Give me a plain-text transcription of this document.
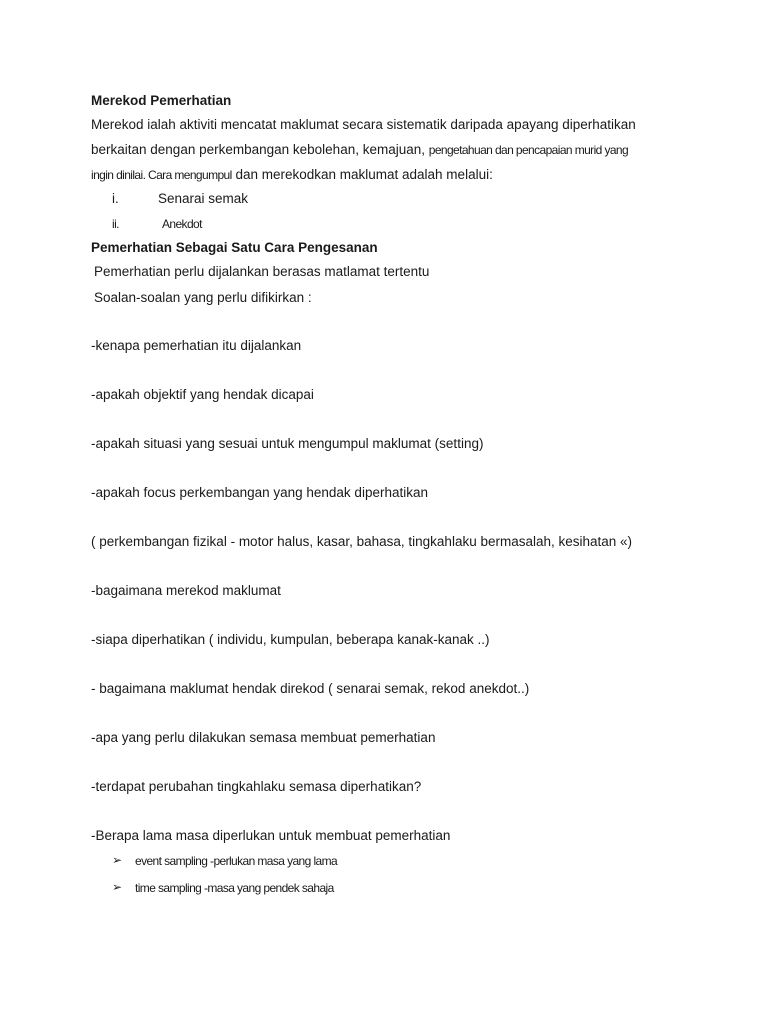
Merekod Pemerhatian
Merekod ialah aktiviti mencatat maklumat secara sistematik daripada apayang diperhatikan
berkaitan dengan perkembangan kebolehan, kemajuan, pengetahuan dan pencapaian murid yang
ingin dinilai. Cara mengumpul dan merekodkan maklumat adalah melalui:
i.	Senarai semak
ii.	Anekdot
Pemerhatian Sebagai Satu Cara Pengesanan
Pemerhatian perlu dijalankan berasas matlamat tertentu
Soalan-soalan yang perlu difikirkan :
-kenapa pemerhatian itu dijalankan
-apakah objektif yang hendak dicapai
-apakah situasi yang sesuai untuk mengumpul maklumat (setting)
-apakah focus perkembangan yang hendak diperhatikan
( perkembangan fizikal - motor halus, kasar, bahasa, tingkahlaku bermasalah, kesihatan «)
-bagaimana merekod maklumat
-siapa diperhatikan ( individu, kumpulan, beberapa kanak-kanak ..)
- bagaimana maklumat hendak direkod ( senarai semak, rekod anekdot..)
-apa yang perlu dilakukan semasa membuat pemerhatian
-terdapat perubahan tingkahlaku semasa diperhatikan?
-Berapa lama masa diperlukan untuk membuat pemerhatian
➢ event sampling -perlukan masa yang lama
➢ time sampling -masa yang pendek sahaja
